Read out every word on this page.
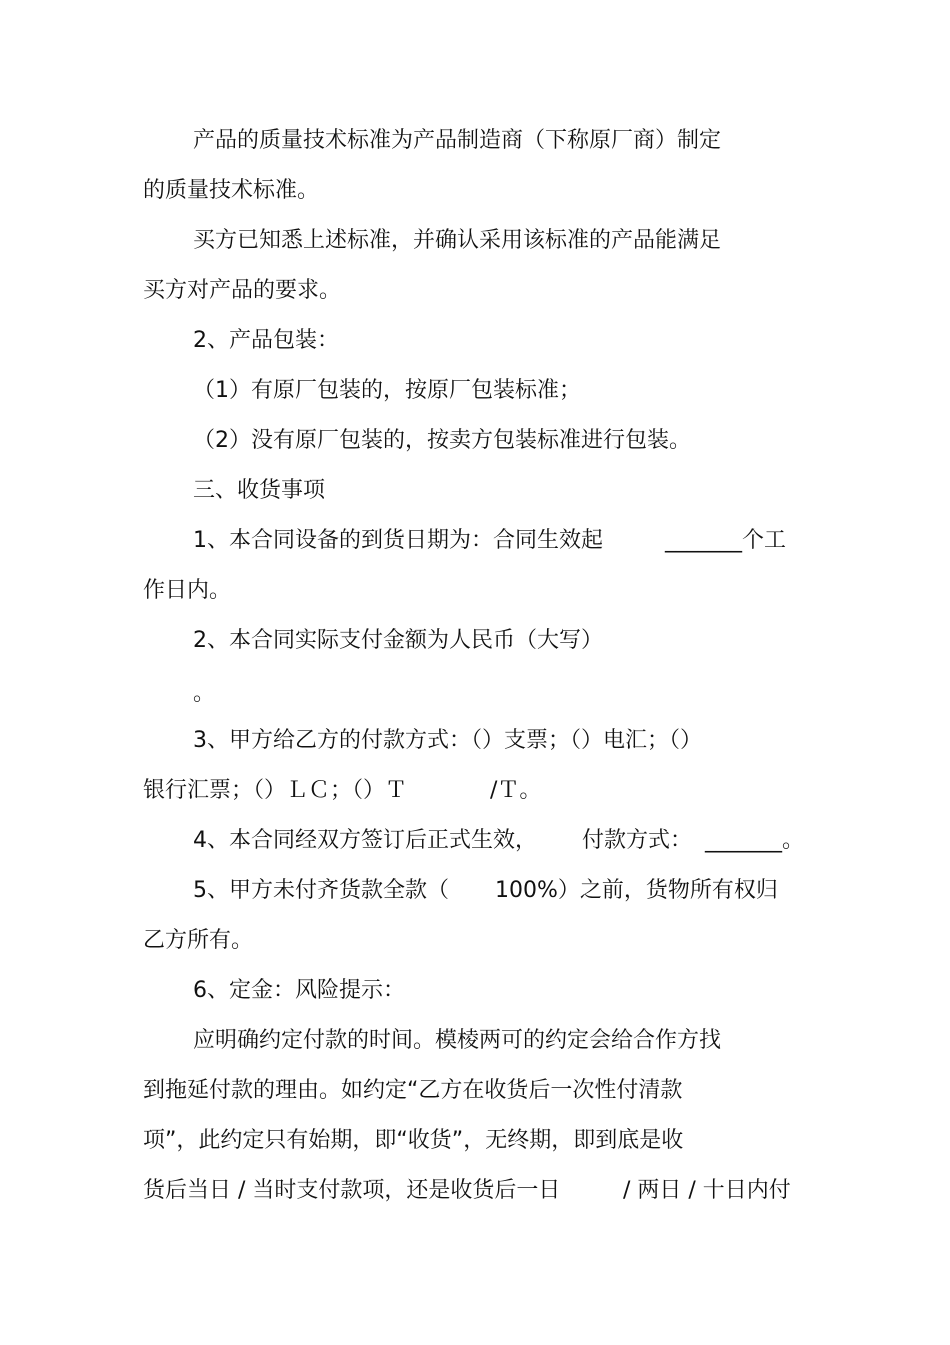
产品的质量技术标准为产品制造商（下称原厂商）制定
的质量技术标准。
买方已知悉上述标准，并确认采用该标准的产品能满足
买方对产品的要求。
2、产品包装：
（1）有原厂包装的，按原厂包装标准；
（2）没有原厂包装的，按卖方包装标准进行包装。
三、收货事项
1、本合同设备的到货日期为：合同生效起	_______个工
作日内。
2、本合同实际支付金额为人民币（大写）
。
3、甲方给乙方的付款方式：（）支票；（）电汇；（）
银行汇票；（）ＬＣ；（）Ｔ	/Ｔ。
4、本合同经双方签订后正式生效， 付款方式： _______。
5、甲方未付齐货款全款（ 100%）之前，货物所有权归
乙方所有。
6、定金：风险提示：
应明确约定付款的时间。模棱两可的约定会给合作方找
到拖延付款的理由。如约定“乙方在收货后一次性付清款
项”，此约定只有始期，即“收货”，无终期，即到底是收
货后当日 / 当时支付款项，还是收货后一日	/ 两日 / 十日内付
